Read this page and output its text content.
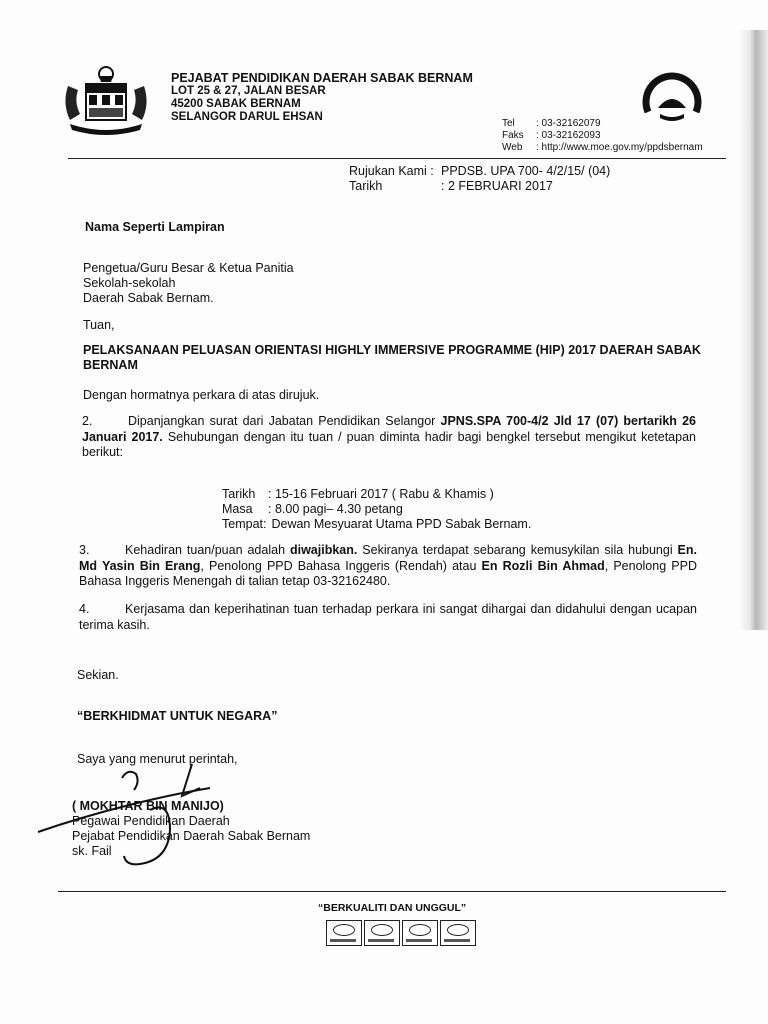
PEJABAT PENDIDIKAN DAERAH SABAK BERNAM
LOT 25 & 27, JALAN BESAR
45200 SABAK BERNAM
SELANGOR DARUL EHSAN
PPD
Tel : 03-32162079
Faks : 03-32162093
Web : http://www.moe.gov.my/ppdsbernam
Rujukan Kami : PPDSB. UPA 700- 4/2/15/ (04)
Tarikh	: 2 FEBRUARI 2017
Nama Seperti Lampiran
Pengetua/Guru Besar & Ketua Panitia
Sekolah-sekolah
Daerah Sabak Bernam.
Tuan,
PELAKSANAAN PELUASAN ORIENTASI HIGHLY IMMERSIVE PROGRAMME (HIP) 2017 DAERAH SABAK BERNAM
Dengan hormatnya perkara di atas dirujuk.
2.	Dipanjangkan surat dari Jabatan Pendidikan Selangor JPNS.SPA 700-4/2 Jld 17 (07) bertarikh 26 Januari 2017. Sehubungan dengan itu tuan / puan diminta hadir bagi bengkel tersebut mengikut ketetapan berikut:
Tarikh : 15-16 Februari 2017 ( Rabu & Khamis )
Masa : 8.00 pagi– 4.30 petang
Tempat: Dewan Mesyuarat Utama PPD Sabak Bernam.
3.	Kehadiran tuan/puan adalah diwajibkan. Sekiranya terdapat sebarang kemusykilan sila hubungi En. Md Yasin Bin Erang, Penolong PPD Bahasa Inggeris (Rendah) atau En Rozli Bin Ahmad, Penolong PPD Bahasa Inggeris Menengah di talian tetap 03-32162480.
4.	Kerjasama dan keperihatinan tuan terhadap perkara ini sangat dihargai dan didahului dengan ucapan terima kasih.
Sekian.
“BERKHIDMAT UNTUK NEGARA”
Saya yang menurut perintah,
( MOKHTAR BIN MANIJO)
Pegawai Pendidikan Daerah
Pejabat Pendidikan Daerah Sabak Bernam
sk. Fail
“BERKUALITI DAN UNGGUL”
